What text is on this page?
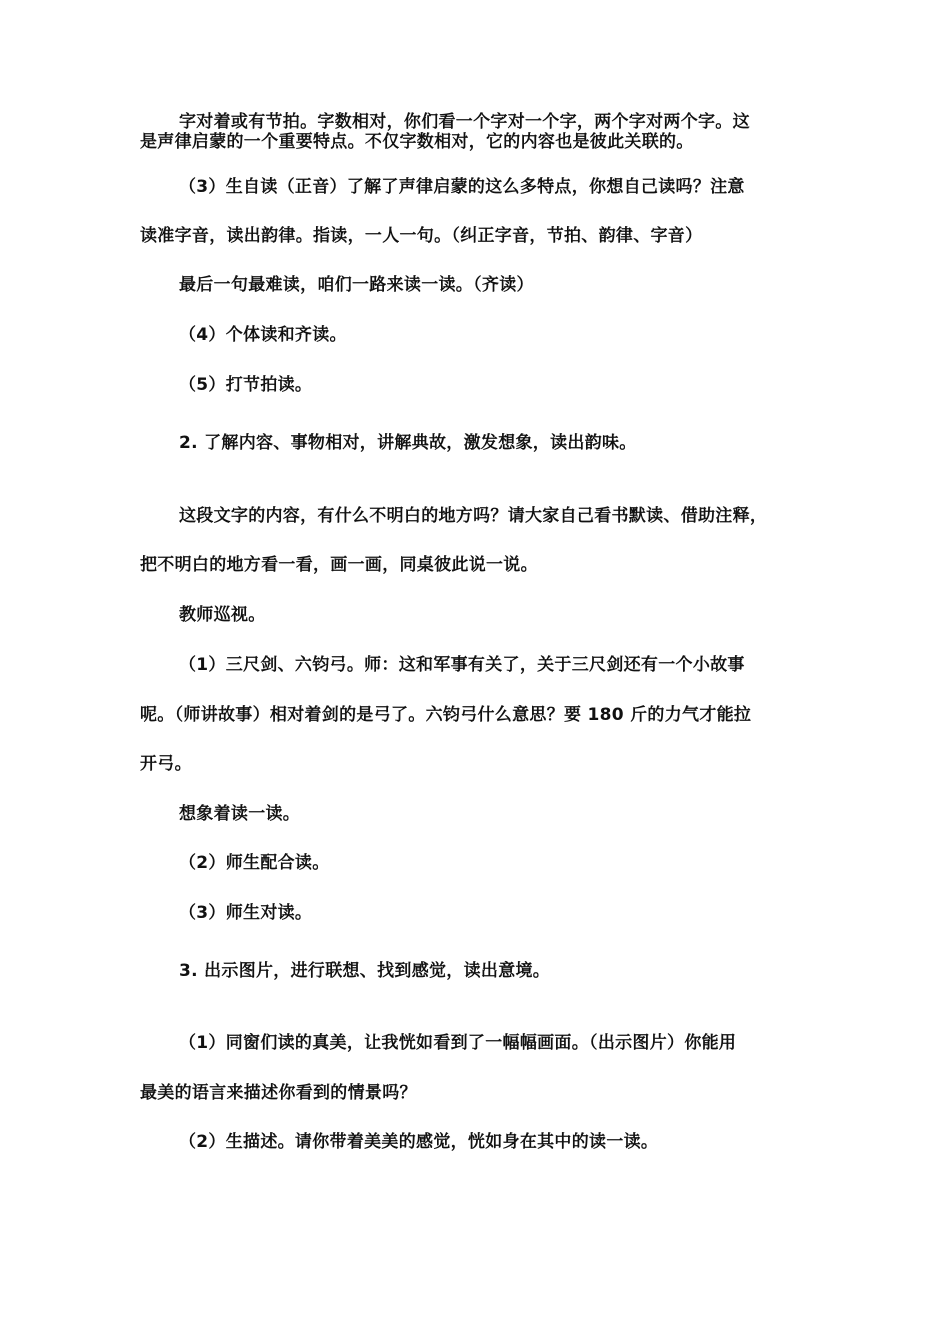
字对着或有节拍。字数相对，你们看一个字对一个字，两个字对两个字。这
是声律启蒙的一个重要特点。不仅字数相对，它的内容也是彼此关联的。
（3）生自读（正音）了解了声律启蒙的这么多特点，你想自己读吗？注意
读准字音，读出韵律。指读，一人一句。（纠正字音，节拍、韵律、字音）
最后一句最难读，咱们一路来读一读。（齐读）
（4）个体读和齐读。
（5）打节拍读。
2. 了解内容、事物相对，讲解典故，激发想象，读出韵味。
这段文字的内容，有什么不明白的地方吗？请大家自己看书默读、借助注释，
把不明白的地方看一看，画一画，同桌彼此说一说。
教师巡视。
（1）三尺剑、六钧弓。师：这和军事有关了，关于三尺剑还有一个小故事
呢。（师讲故事）相对着剑的是弓了。六钧弓什么意思？要 180 斤的力气才能拉
开弓。
想象着读一读。
（2）师生配合读。
（3）师生对读。
3. 出示图片，进行联想、找到感觉，读出意境。
（1）同窗们读的真美，让我恍如看到了一幅幅画面。（出示图片）你能用
最美的语言来描述你看到的情景吗？
（2）生描述。请你带着美美的感觉，恍如身在其中的读一读。
